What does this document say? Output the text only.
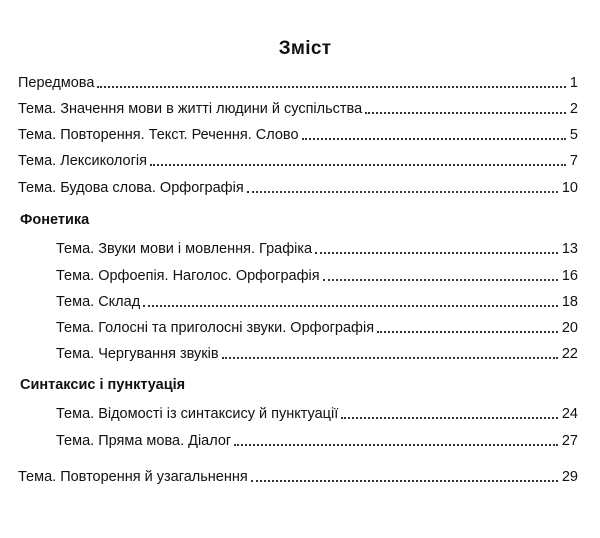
Зміст
Передмова	1
Тема. Значення мови в житті людини й суспільства	2
Тема. Повторення. Текст. Речення. Слово	5
Тема. Лексикологія	7
Тема. Будова слова. Орфографія	10
Фонетика
Тема. Звуки мови і мовлення. Графіка	13
Тема. Орфоепія. Наголос. Орфографія	16
Тема. Склад	18
Тема. Голосні та приголосні звуки. Орфографія	20
Тема. Чергування звуків	22
Синтаксис і пунктуація
Тема. Відомості із синтаксису й пунктуації	24
Тема. Пряма мова. Діалог	27
Тема. Повторення й узагальнення	29
